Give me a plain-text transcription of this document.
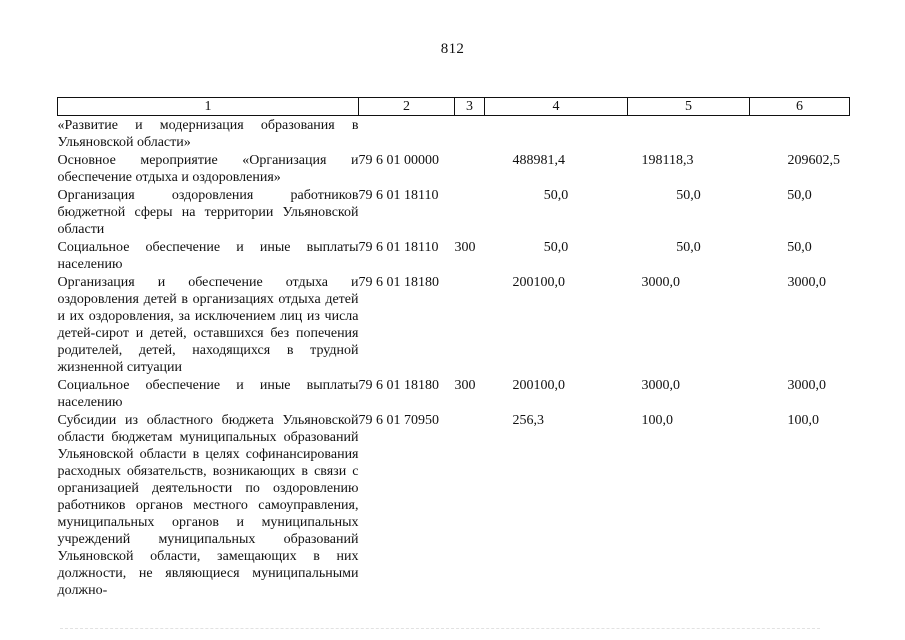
812
1	2	3	4	5	6
«Развитие и модернизация образования в Ульяновской области»					
Основное мероприятие «Организация и обеспечение отдыха и оздоровления»	79 6 01 00000		488981,4	198118,3	209602,5
Организация оздоровления работников бюджетной сферы на территории Ульяновской области	79 6 01 18110		50,0	50,0	50,0
Социальное обеспечение и иные выплаты населению	79 6 01 18110	300	50,0	50,0	50,0
Организация и обеспечение отдыха и оздоровления детей в организациях отдыха детей и их оздоровления, за исключением лиц из числа детей-сирот и детей, оставшихся без попечения родителей, детей, находящихся в трудной жизненной ситуации	79 6 01 18180		200100,0	3000,0	3000,0
Социальное обеспечение и иные выплаты населению	79 6 01 18180	300	200100,0	3000,0	3000,0
Субсидии из областного бюджета Ульяновской области бюджетам муниципальных образований Ульяновской области в целях софинансирования расходных обязательств, возникающих в связи с организацией деятельности по оздоровлению работников органов местного самоуправления, муниципальных органов и муниципальных учреждений муниципальных образований Ульяновской области, замещающих в них должности, не являющиеся муниципальными должно-	79 6 01 70950		256,3	100,0	100,0
